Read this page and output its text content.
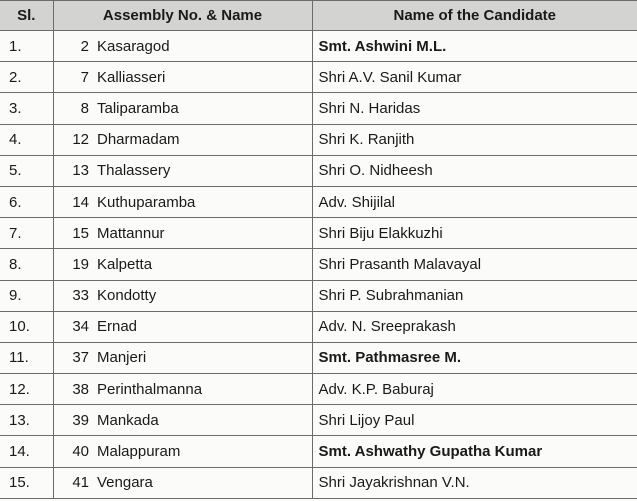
Sl.	Assembly No. & Name		Name of the Candidate
1.	2	Kasaragod	Smt. Ashwini M.L.
2.	7	Kalliasseri	Shri A.V. Sanil Kumar
3.	8	Taliparamba	Shri N. Haridas
4.	12	Dharmadam	Shri K. Ranjith
5.	13	Thalassery	Shri O. Nidheesh
6.	14	Kuthuparamba	Adv. Shijilal
7.	15	Mattannur	Shri Biju Elakkuzhi
8.	19	Kalpetta	Shri Prasanth Malavayal
9.	33	Kondotty	Shri P. Subrahmanian
10.	34	Ernad	Adv. N. Sreeprakash
11.	37	Manjeri	Smt. Pathmasree M.
12.	38	Perinthalmanna	Adv. K.P. Baburaj
13.	39	Mankada	Shri Lijoy Paul
14.	40	Malappuram	Smt. Ashwathy Gupatha Kumar
15.	41	Vengara	Shri Jayakrishnan V.N.
